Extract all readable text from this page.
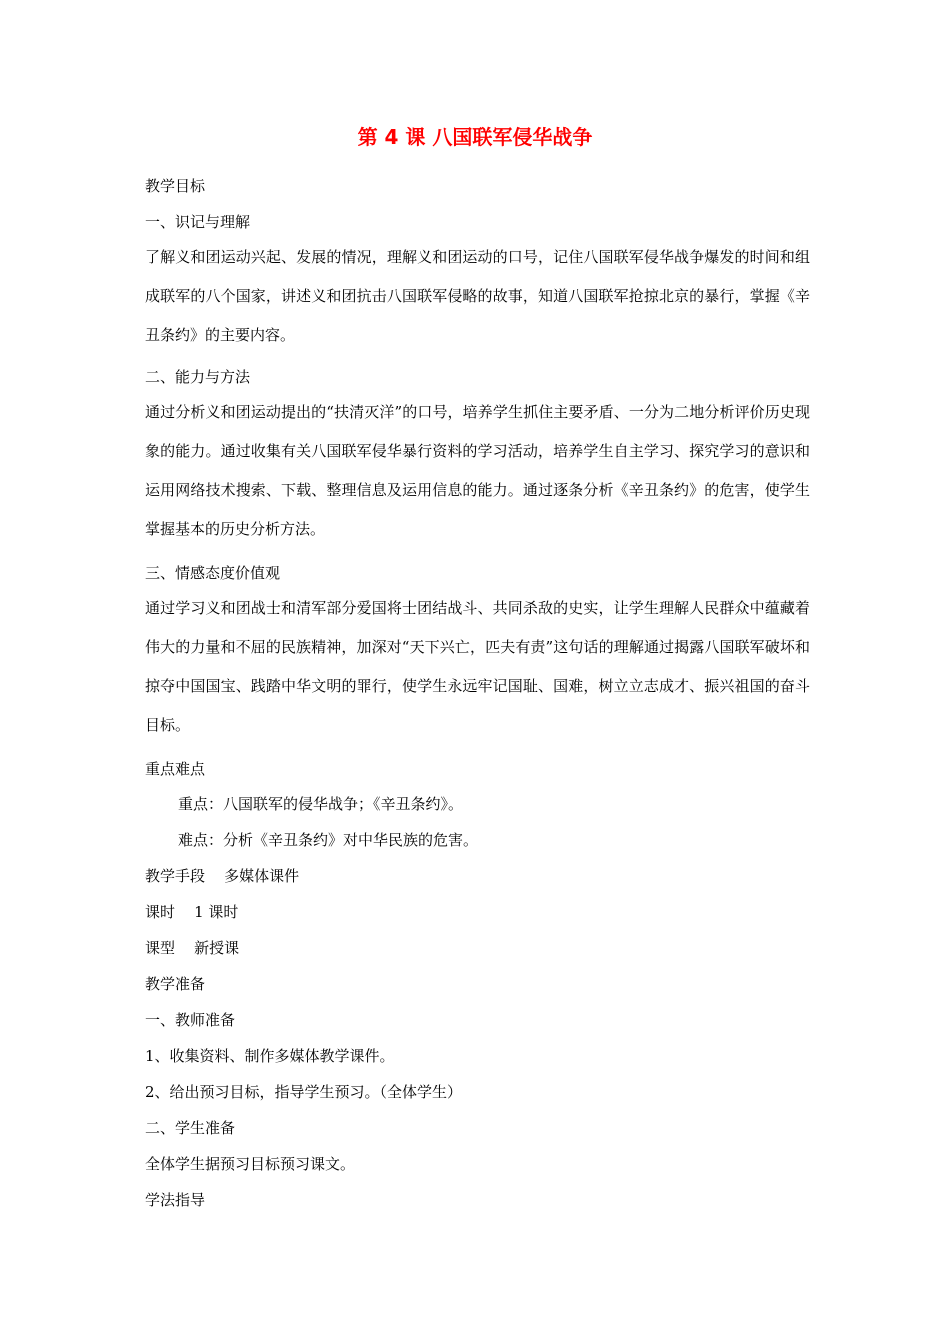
第 4 课 八国联军侵华战争
教学目标
一、识记与理解
了解义和团运动兴起、发展的情况，理解义和团运动的口号，记住八国联军侵华战争爆发的时间和组成联军的八个国家，讲述义和团抗击八国联军侵略的故事，知道八国联军抢掠北京的暴行，掌握《辛丑条约》的主要内容。
二、能力与方法
通过分析义和团运动提出的“扶清灭洋”的口号，培养学生抓住主要矛盾、一分为二地分析评价历史现象的能力。通过收集有关八国联军侵华暴行资料的学习活动，培养学生自主学习、探究学习的意识和运用网络技术搜索、下载、整理信息及运用信息的能力。通过逐条分析《辛丑条约》的危害，使学生掌握基本的历史分析方法。
三、情感态度价值观
通过学习义和团战士和清军部分爱国将士团结战斗、共同杀敌的史实，让学生理解人民群众中蕴藏着伟大的力量和不屈的民族精神，加深对“天下兴亡，匹夫有责”这句话的理解通过揭露八国联军破坏和掠夺中国国宝、践踏中华文明的罪行，使学生永远牢记国耻、国难，树立立志成才、振兴祖国的奋斗目标。
重点难点
重点：八国联军的侵华战争；《辛丑条约》。
难点：分析《辛丑条约》对中华民族的危害。
教学手段    多媒体课件
课时    1 课时
课型    新授课
教学准备
一、教师准备
1、收集资料、制作多媒体教学课件。
2、给出预习目标，指导学生预习。（全体学生）
二、学生准备
全体学生据预习目标预习课文。
学法指导
